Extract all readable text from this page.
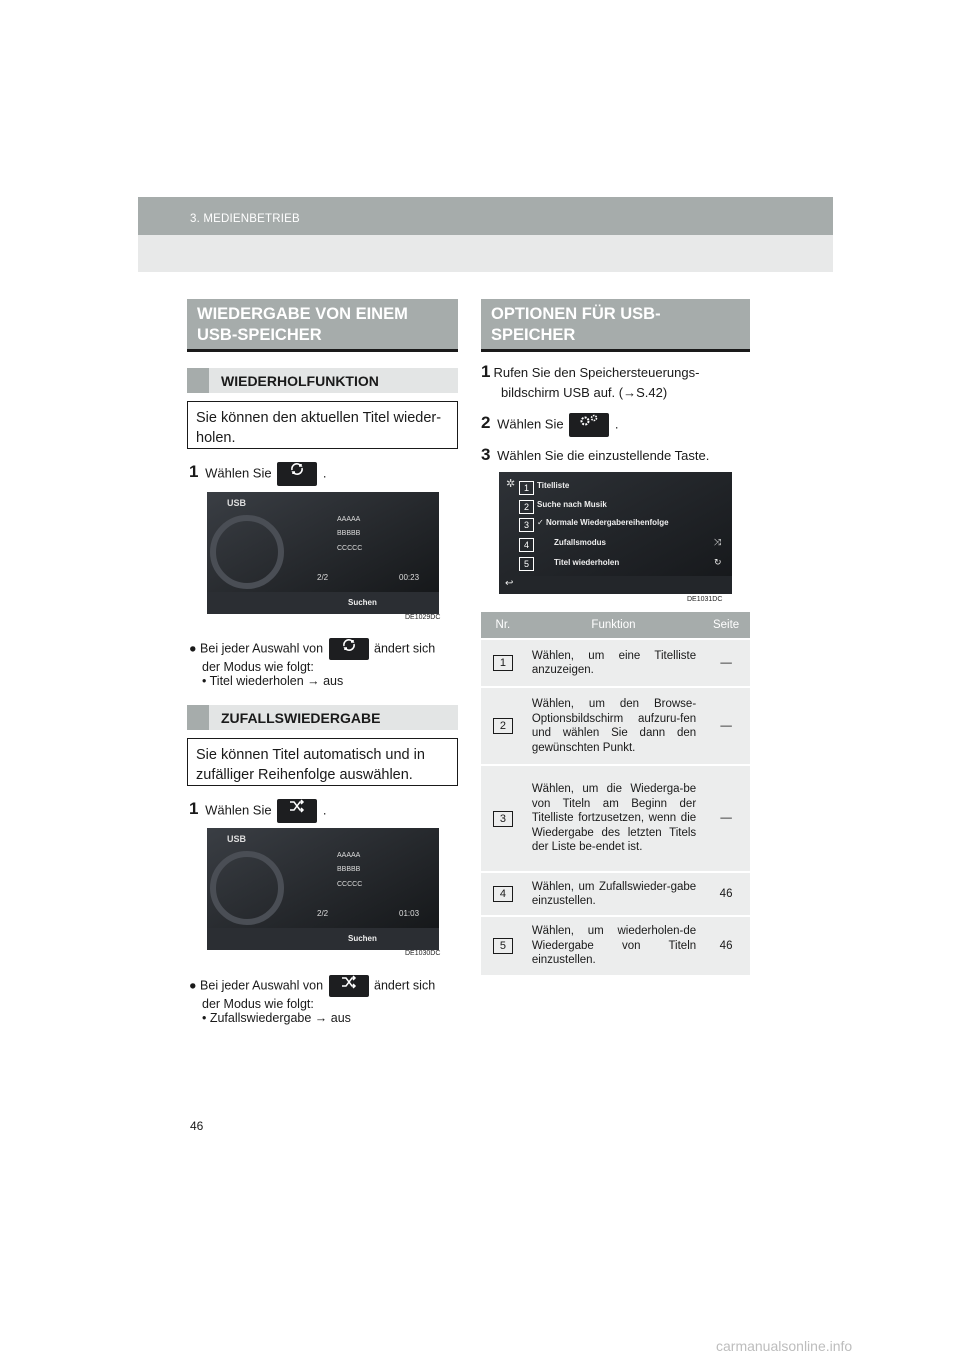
3. MEDIENBETRIEB
WIEDERGABE VON EINEM USB-SPEICHER
WIEDERHOLFUNKTION
Sie können den aktuellen Titel wieder-holen.
1 Wählen Sie	.
USB
AAAAA
BBBBB
CCCCC
2/2	00:23
Suchen
DE1029DC
● Bei jeder Auswahl von	ändert sich
der Modus wie folgt:
• Titel wiederholen → aus
ZUFALLSWIEDERGABE
Sie können Titel automatisch und in zufälliger Reihenfolge auswählen.
1 Wählen Sie	.
USB
AAAAA
BBBBB
CCCCC
2/2	01:03
Suchen
DE1030DC
● Bei jeder Auswahl von	ändert sich
der Modus wie folgt:
• Zufallswiedergabe → aus
OPTIONEN FÜR USB-SPEICHER
1 Rufen Sie den Speichersteuerungs-
bildschirm USB auf. (→S.42)
2 Wählen Sie	.
3 Wählen Sie die einzustellende Taste.
✲ 1	Titelliste
2	Suche nach Musik
3	✓ Normale Wiedergabereihenfolge
4	Zufallsmodus	⤨
5	Titel wiederholen	↻
↩
DE1031DC
Nr.	Funktion	Seite
1	Wählen, um eine Titelliste anzuzeigen.	—
2	Wählen, um den Browse-Optionsbildschirm aufzuru-fen und wählen Sie dann den gewünschten Punkt.	—
3	Wählen, um die Wiederga-be von Titeln am Beginn der Titelliste fortzusetzen, wenn die Wiedergabe des letzten Titels der Liste be-endet ist.	—
4	Wählen, um Zufallswieder-gabe einzustellen.	46
5	Wählen, um wiederholen-de Wiedergabe von Titeln einzustellen.	46
46
carmanualsonline.info
